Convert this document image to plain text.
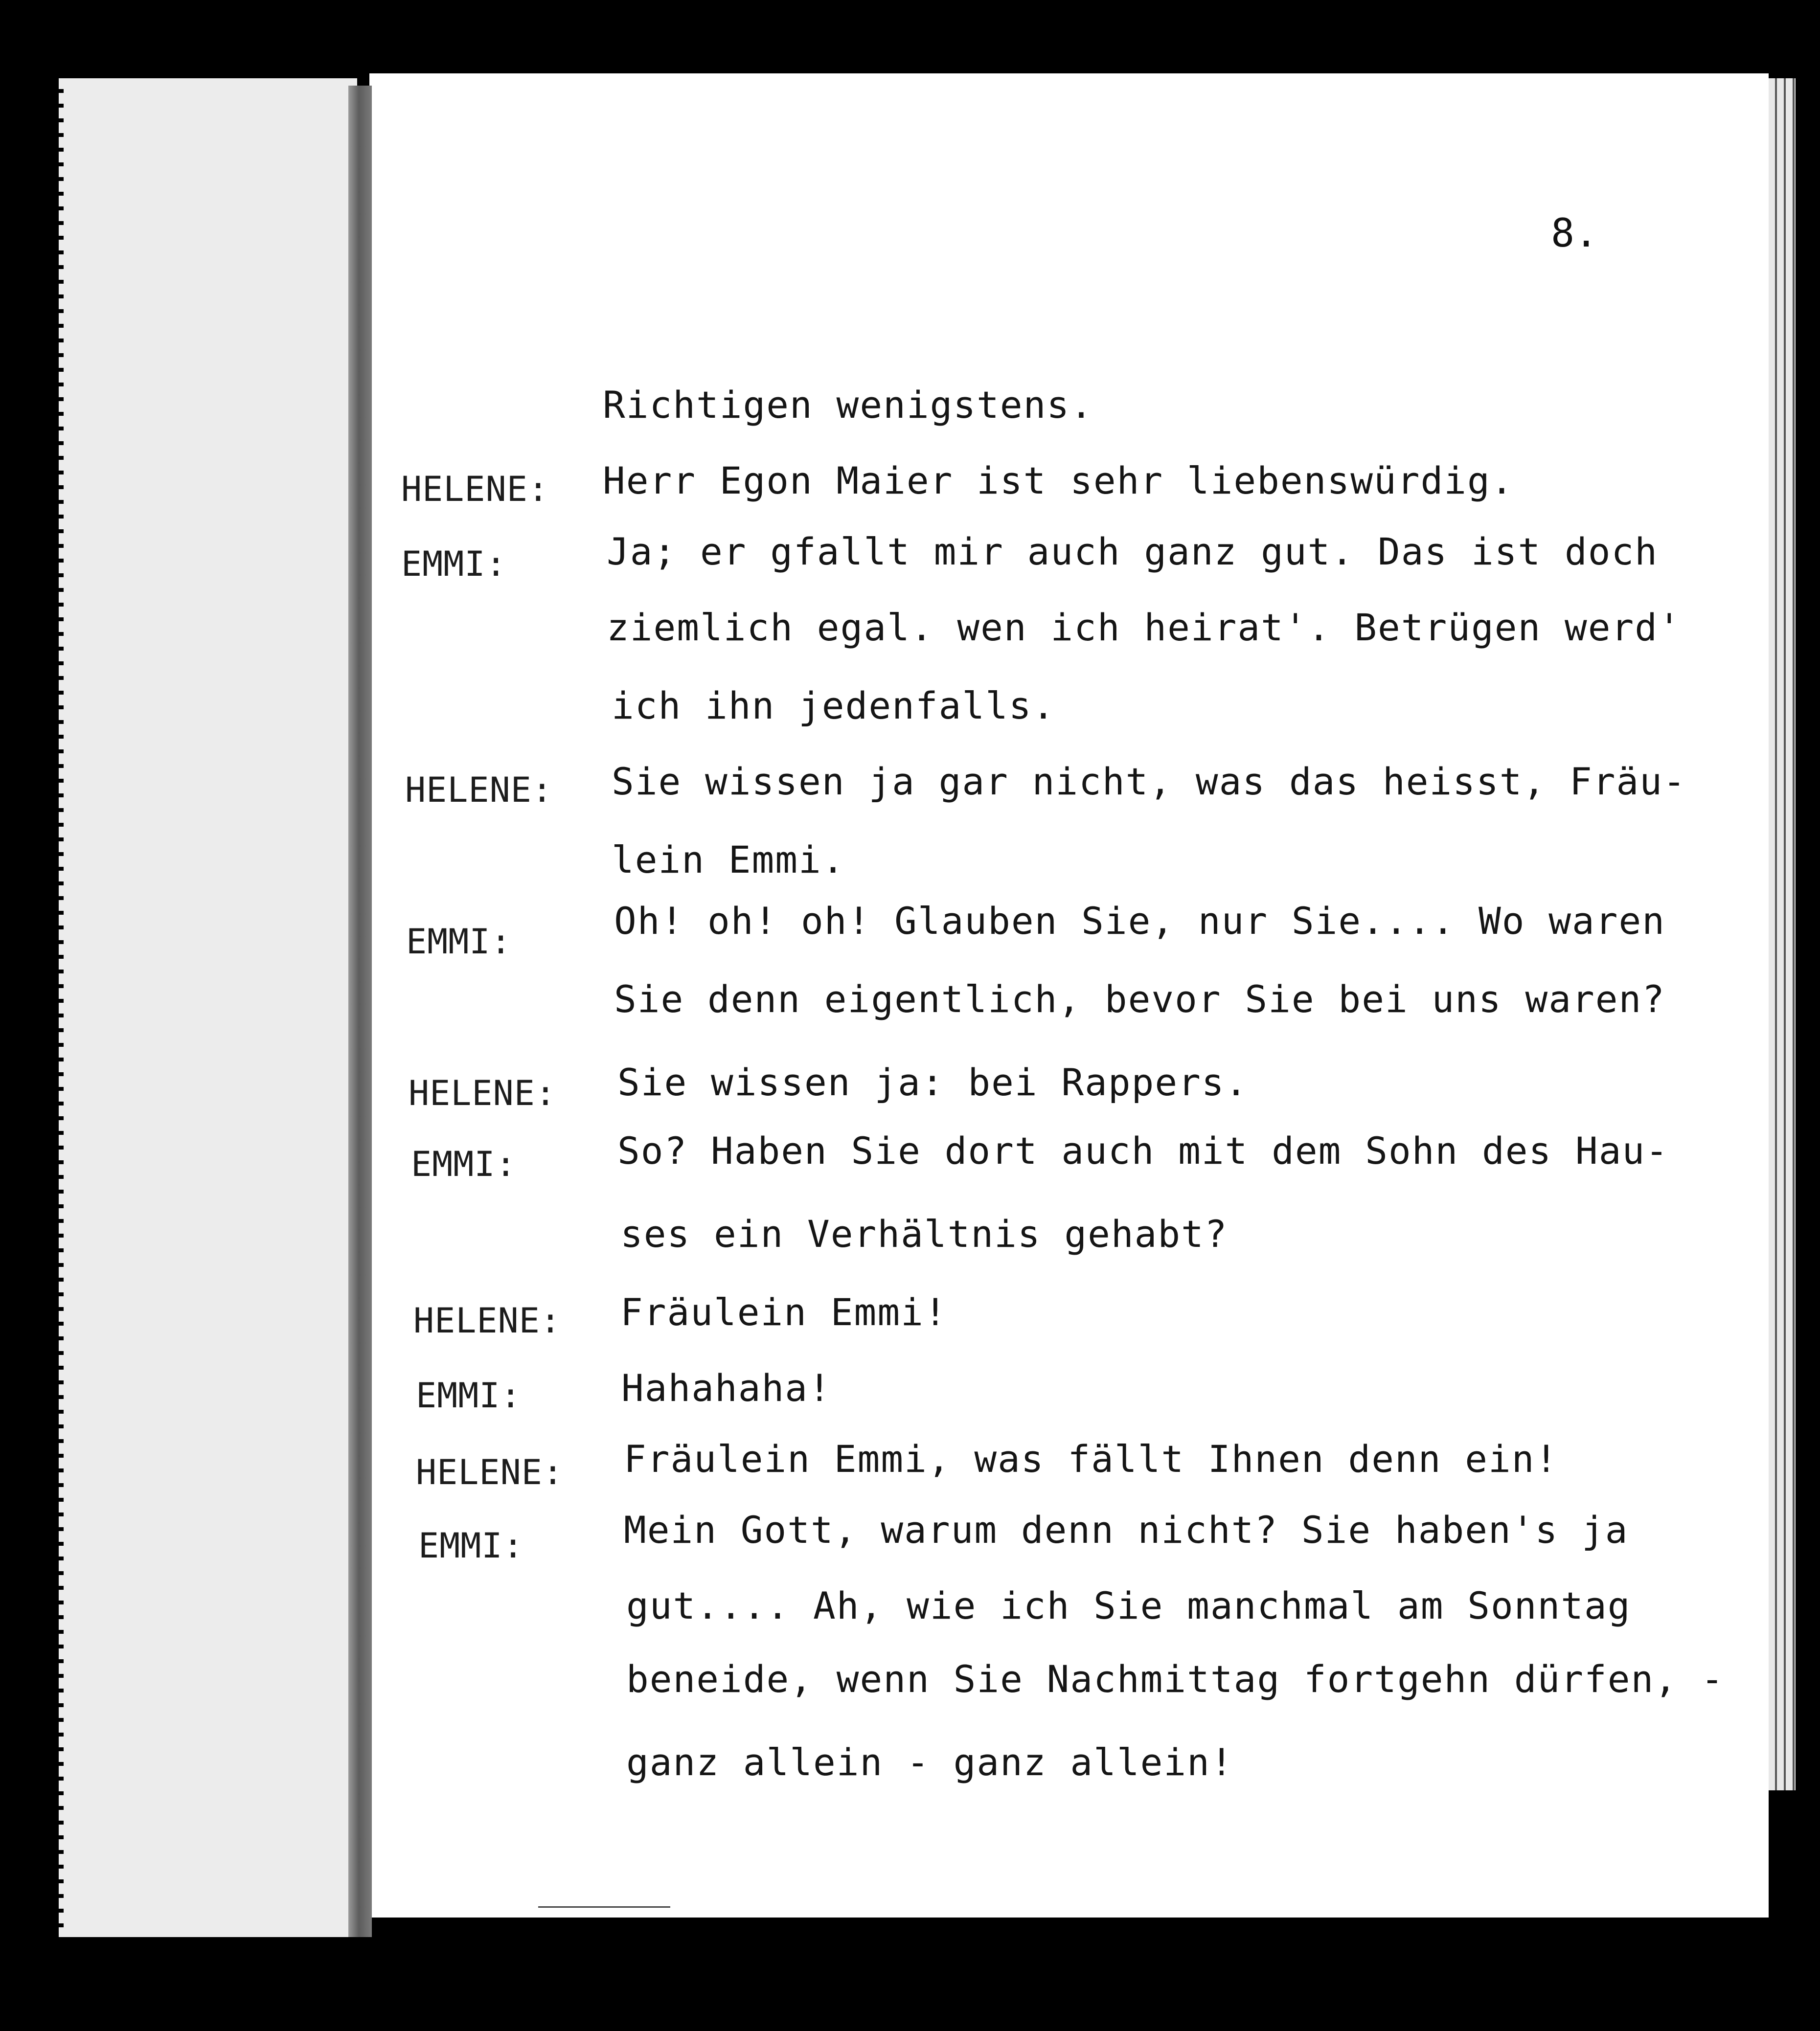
8.
Richtigen wenigstens.
HELENE: Herr Egon Maier ist sehr liebenswürdig.
EMMI:	Ja; er gfallt mir auch ganz gut. Das ist doch
ziemlich egal. wen ich heirat'. Betrügen werd'
ich ihn jedenfalls.
HELENE: Sie wissen ja gar nicht, was das heisst, Fräu-
lein Emmi.
EMMI:	Oh! oh! oh! Glauben Sie, nur Sie.... Wo waren
Sie denn eigentlich, bevor Sie bei uns waren?
HELENE: Sie wissen ja: bei Rappers.
EMMI:	So? Haben Sie dort auch mit dem Sohn des Hau-
ses ein Verhältnis gehabt?
HELENE: Fräulein Emmi!
EMMI:	Hahahaha!
HELENE: Fräulein Emmi, was fällt Ihnen denn ein!
EMMI:	Mein Gott, warum denn nicht? Sie haben's ja
gut.... Ah, wie ich Sie manchmal am Sonntag
beneide, wenn Sie Nachmittag fortgehn dürfen, -
ganz allein - ganz allein!
